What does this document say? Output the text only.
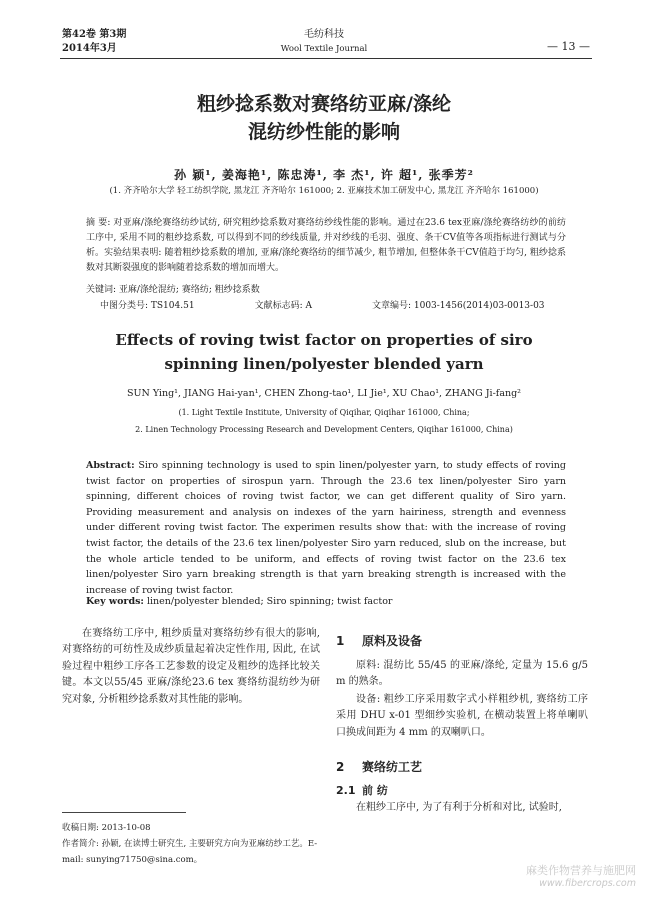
第42卷 第3期
2014年3月
毛纺科技
Wool Textile Journal	— 13 —
粗纱捻系数对赛络纺亚麻/涤纶
混纺纱性能的影响
孙 颖¹, 姜海艳¹, 陈忠涛¹, 李 杰¹, 许 超¹, 张季芳²
(1. 齐齐哈尔大学 轻工纺织学院, 黑龙江 齐齐哈尔 161000; 2. 亚麻技术加工研发中心, 黑龙江 齐齐哈尔 161000)
摘 要: 对亚麻/涤纶赛络纺纱试纺, 研究粗纱捻系数对赛络纺纱线性能的影响。通过在23.6 tex亚麻/涤纶赛络纺纱的前纺工序中, 采用不同的粗纱捻系数, 可以得到不同的纱线质量, 并对纱线的毛羽、强度、条干CV值等各项指标进行测试与分析。实验结果表明: 随着粗纱捻系数的增加, 亚麻/涤纶赛络纺的细节减少, 粗节增加, 但整体条干CV值趋于均匀, 粗纱捻系数对其断裂强度的影响随着捻系数的增加而增大。
关键词: 亚麻/涤纶混纺; 赛络纺; 粗纱捻系数
中图分类号: TS104.51	文献标志码: A	文章编号: 1003-1456(2014)03-0013-03
Effects of roving twist factor on properties of siro
spinning linen/polyester blended yarn
SUN Ying¹, JIANG Hai-yan¹, CHEN Zhong-tao¹, LI Jie¹, XU Chao¹, ZHANG Ji-fang²
(1. Light Textile Institute, University of Qiqihar, Qiqihar 161000, China;
2. Linen Technology Processing Research and Development Centers, Qiqihar 161000, China)
Abstract: Siro spinning technology is used to spin linen/polyester yarn, to study effects of roving twist factor on properties of sirospun yarn. Through the 23.6 tex linen/polyester Siro yarn spinning, different choices of roving twist factor, we can get different quality of Siro yarn. Providing measurement and analysis on indexes of the yarn hairiness, strength and evenness under different roving twist factor. The experimen results show that: with the increase of roving twist factor, the details of the 23.6 tex linen/polyester Siro yarn reduced, slub on the increase, but the whole article tended to be uniform, and effects of roving twist factor on the 23.6 tex linen/polyester Siro yarn breaking strength is that yarn breaking strength is increased with the increase of roving twist factor.
Key words: linen/polyester blended; Siro spinning; twist factor
在赛络纺工序中, 粗纱质量对赛络纺纱有很大的影响, 对赛络纺的可纺性及成纱质量起着决定性作用, 因此, 在试验过程中粗纱工序各工艺参数的设定及粗纱的选择比较关键。本文以55/45 亚麻/涤纶23.6 tex 赛络纺混纺纱为研究对象, 分析粗纱捻系数对其性能的影响。
收稿日期: 2013-10-08
作者简介: 孙颖, 在读博士研究生, 主要研究方向为亚麻纺纱工艺。E-mail: sunying71750@sina.com。
1 原料及设备
原料: 混纺比 55/45 的亚麻/涤纶, 定量为 15.6 g/5 m 的熟条。
设备: 粗纱工序采用数字式小样粗纱机, 赛络纺工序采用 DHU x-01 型细纱实验机, 在横动装置上将单喇叭口换成间距为 4 mm 的双喇叭口。
2 赛络纺工艺
2.1 前 纺
在粗纱工序中, 为了有利于分析和对比, 试验时,
麻类作物营养与施肥网
www.fibercrops.com
